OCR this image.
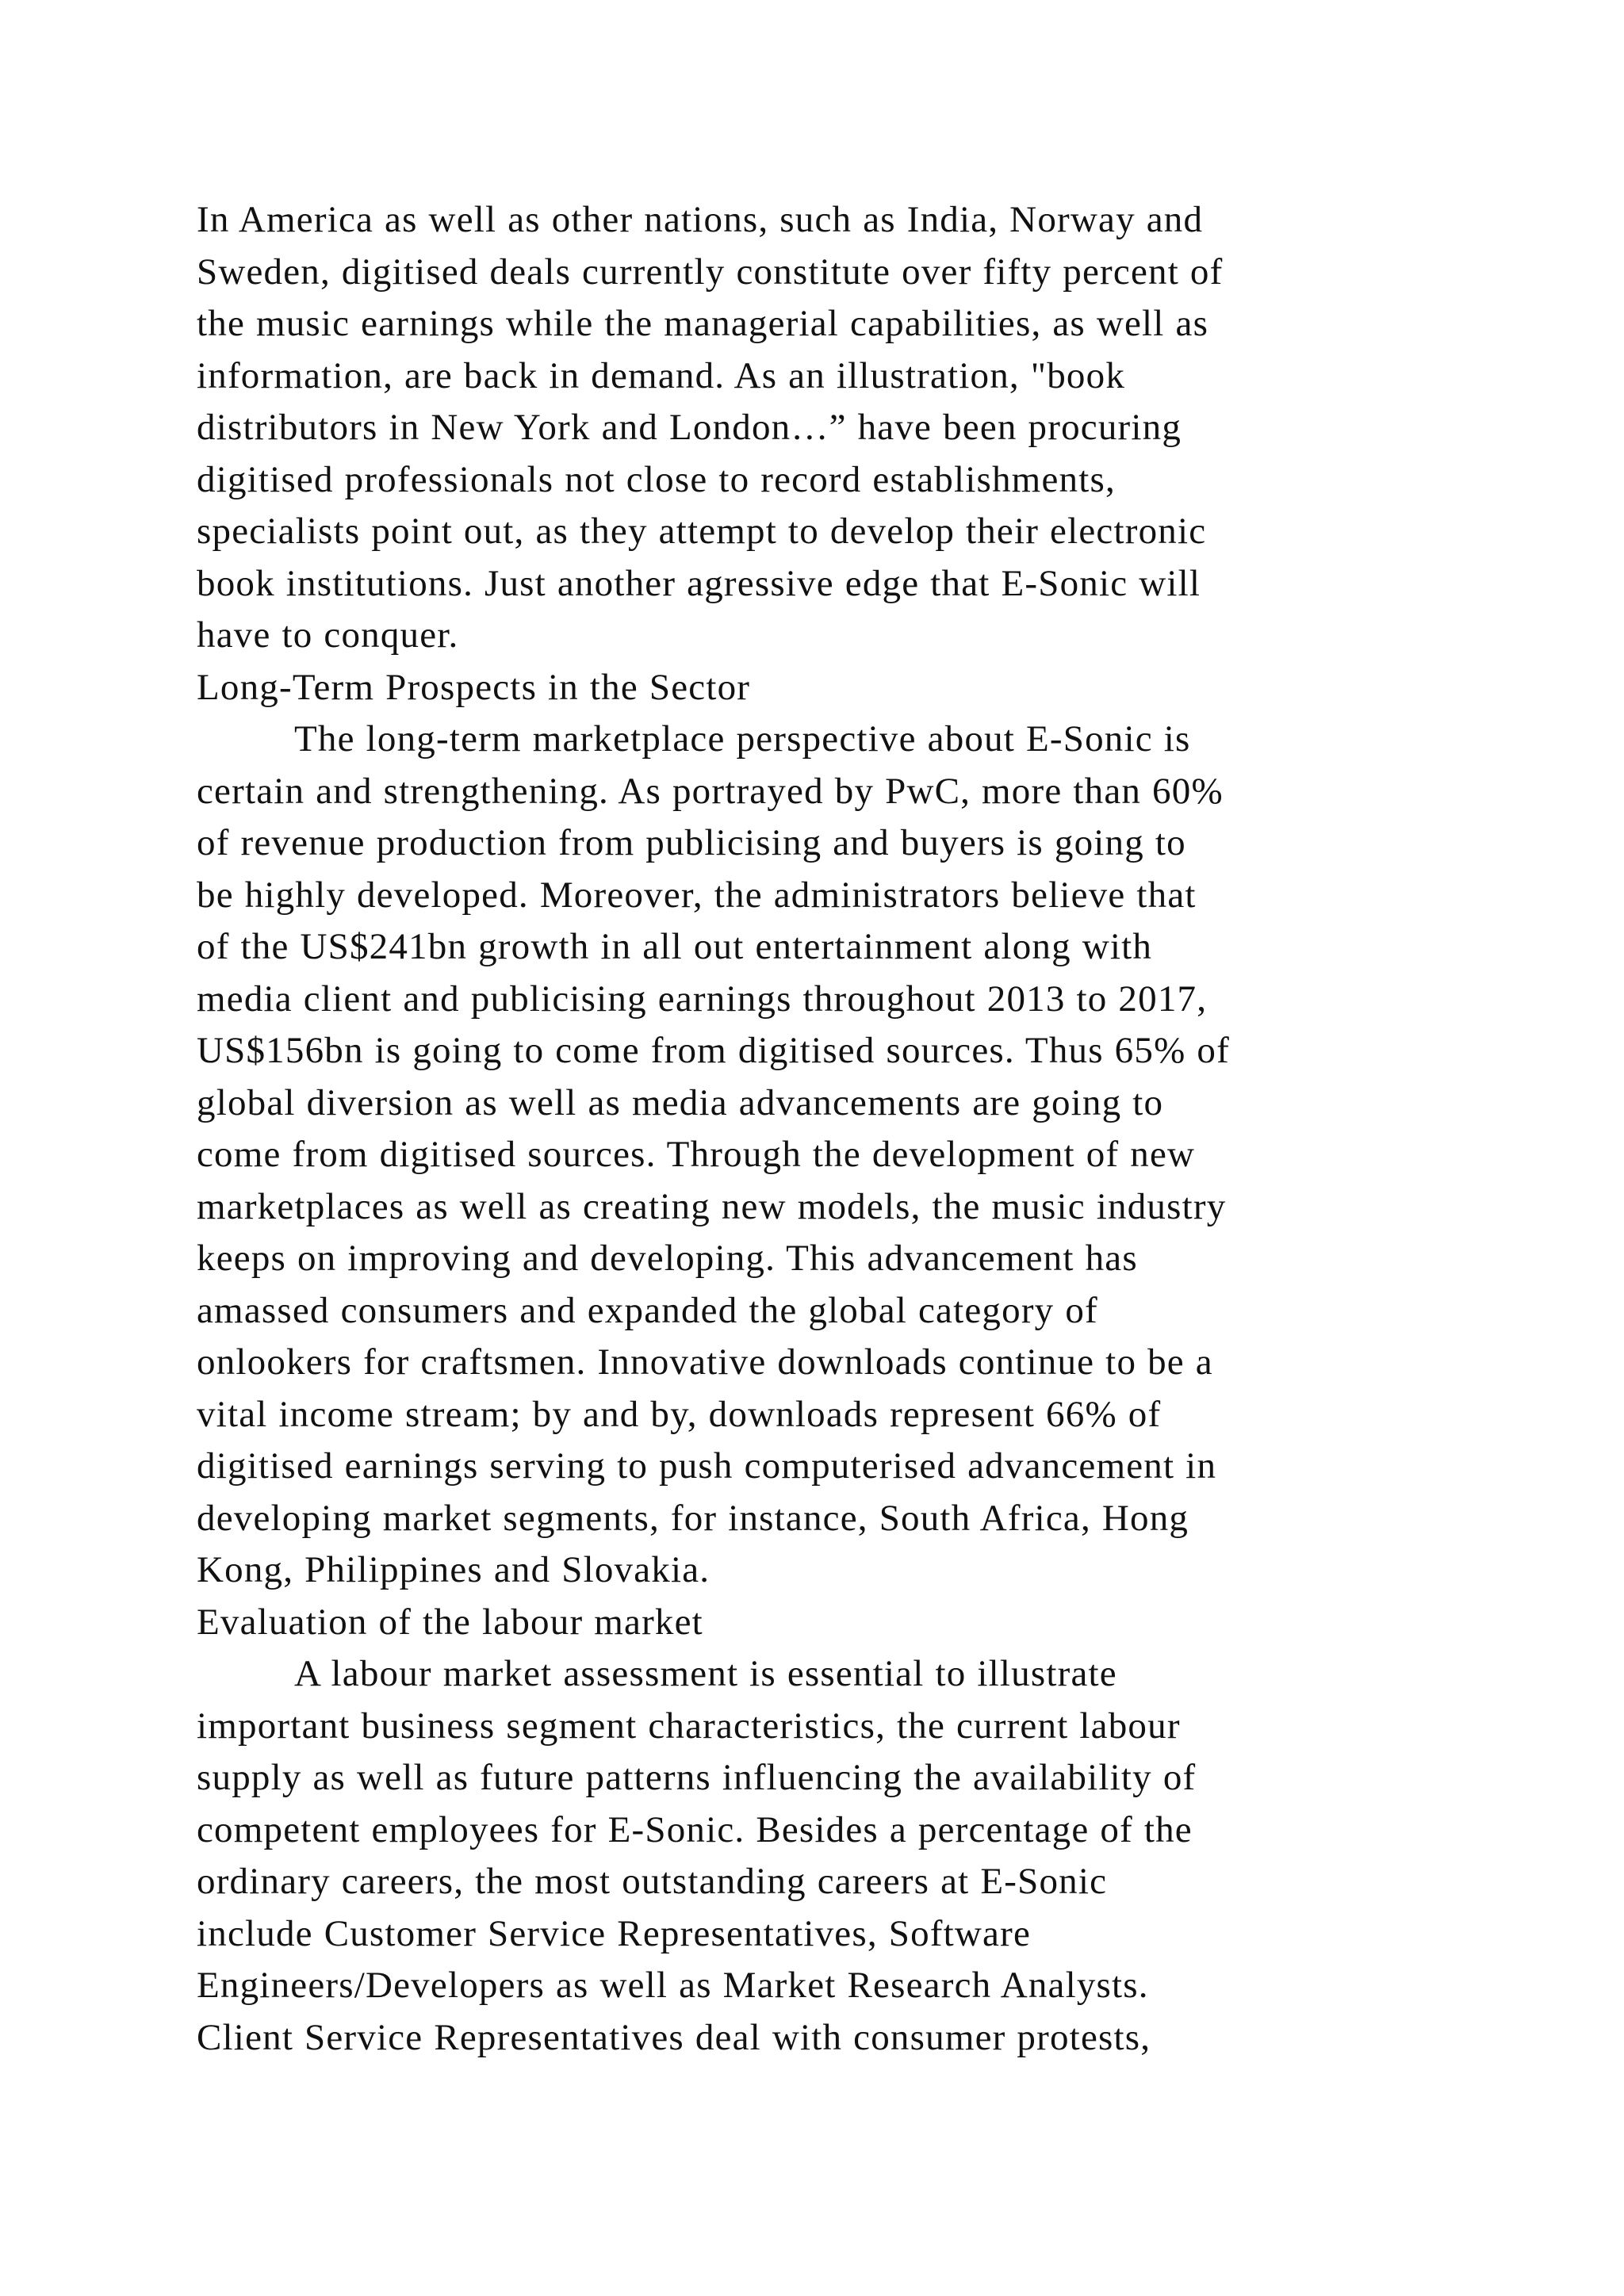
In America as well as other nations, such as India, Norway and
Sweden, digitised deals currently constitute over fifty percent of
the music earnings while the managerial capabilities, as well as
information, are back in demand. As an illustration, "book
distributors in New York and London…” have been procuring
digitised professionals not close to record establishments,
specialists point out, as they attempt to develop their electronic
book institutions. Just another agressive edge that E-Sonic will
have to conquer.
Long-Term Prospects in the Sector
The long-term marketplace perspective about E-Sonic is
certain and strengthening. As portrayed by PwC, more than 60%
of revenue production from publicising and buyers is going to
be highly developed. Moreover, the administrators believe that
of the US$241bn growth in all out entertainment along with
media client and publicising earnings throughout 2013 to 2017,
US$156bn is going to come from digitised sources. Thus 65% of
global diversion as well as media advancements are going to
come from digitised sources. Through the development of new
marketplaces as well as creating new models, the music industry
keeps on improving and developing. This advancement has
amassed consumers and expanded the global category of
onlookers for craftsmen. Innovative downloads continue to be a
vital income stream; by and by, downloads represent 66% of
digitised earnings serving to push computerised advancement in
developing market segments, for instance, South Africa, Hong
Kong, Philippines and Slovakia.
Evaluation of the labour market
A labour market assessment is essential to illustrate
important business segment characteristics, the current labour
supply as well as future patterns influencing the availability of
competent employees for E-Sonic. Besides a percentage of the
ordinary careers, the most outstanding careers at E-Sonic
include Customer Service Representatives, Software
Engineers/Developers as well as Market Research Analysts.
Client Service Representatives deal with consumer protests,
